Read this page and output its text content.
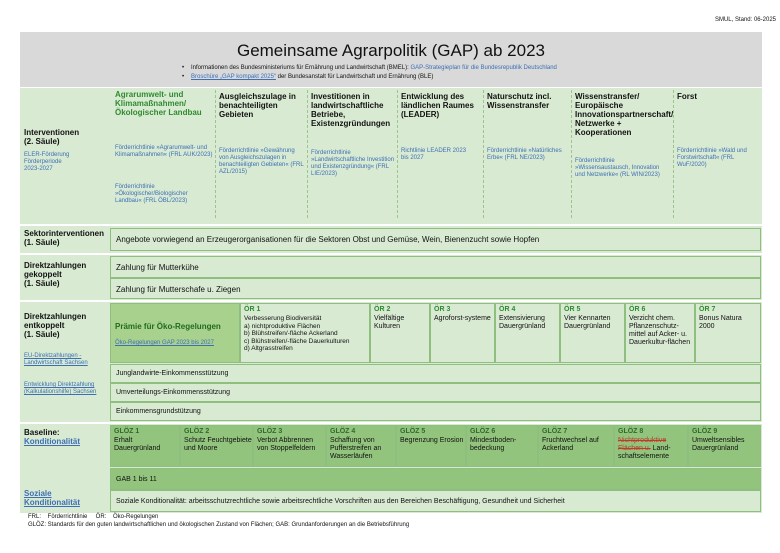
SMUL, Stand: 06-2025
Gemeinsame Agrarpolitik (GAP) ab 2023
• Informationen des Bundesministeriums für Ernährung und Landwirtschaft (BMEL): GAP-Strategieplan für die Bundesrepublik Deutschland
• Broschüre „GAP kompakt 2025“ der Bundesanstalt für Landwirtschaft und Ernährung (BLE)
Interventionen
(2. Säule)
ELER-Förderung
Förderperiode
2023-2027
Agrarumwelt- und Klimamaßnahmen/ Ökologischer Landbau
Förderrichtlinie »Agrarumwelt- und Klimamaßnahmen« (FRL AUK/2023)
Förderrichtlinie »Ökologischer/Biologischer Landbau« (FRL ÖBL/2023)
Ausgleichszulage in benachteiligten Gebieten
Förderrichtlinie »Gewährung von Ausgleichszulagen in benachteiligten Gebieten« (FRL AZL/2015)
Investitionen in landwirtschaftliche Betriebe, Existenzgründungen
Förderrichtlinie »Landwirtschaftliche Investition und Existenzgründung« (FRL LIE/2023)
Entwicklung des ländlichen Raumes (LEADER)
Richtlinie LEADER 2023 bis 2027
Naturschutz incl. Wissenstransfer
Förderrichtlinie »Natürliches Erbe« (FRL NE/2023)
Wissenstransfer/ Europäische Innovationspartnerschaft/ Netzwerke + Kooperationen
Förderrichtlinie »Wissensaustausch, Innovation und Netzwerke« (RL WIN/2023)
Forst
Förderrichtlinie »Wald und Forstwirtschaft« (FRL WuF/2020)
Sektorinterventionen
(1. Säule)	Angebote vorwiegend an Erzeugerorganisationen für die Sektoren Obst und Gemüse, Wein, Bienenzucht sowie Hopfen
Direktzahlungen
gekoppelt
(1. Säule)
Zahlung für Mutterkühe
Zahlung für Mutterschafe u. Ziegen
Direktzahlungen
entkoppelt
(1. Säule)
EU-Direktzahlungen - Landwirtschaft Sachsen
Entwicklung Direktzahlung (Kalkulationshilfe) Sachsen
Prämie für Öko-Regelungen
Öko-Regelungen GAP 2023 bis 2027
ÖR 1
Verbesserung Biodiversität
a) nichtproduktive Flächen
b) Blühstreifen/-fläche Ackerland
c) Blühstreifen/-fläche Dauerkulturen
d) Altgrasstreifen
ÖR 2
Vielfältige Kulturen
ÖR 3
Agroforst-systeme
ÖR 4
Extensivierung Dauergrünland
ÖR 5
Vier Kennarten Dauergrünland
ÖR 6
Verzicht chem. Pflanzenschutz-mittel auf Acker- u. Dauerkultur-flächen
ÖR 7
Bonus Natura 2000
Junglandwirte-Einkommensstützung
Umverteilungs-Einkommensstützung
Einkommensgrundstützung
Baseline:
Konditionalität
Soziale Konditionalität
GLÖZ 1
Erhalt Dauergrünland
GLÖZ 2
Schutz Feuchtgebiete und Moore
GLÖZ 3
Verbot Abbrennen von Stoppelfeldern
GLÖZ 4
Schaffung von Pufferstreifen an Wasserläufen
GLÖZ 5
Begrenzung Erosion
GLÖZ 6
Mindestboden-bedeckung
GLÖZ 7
Fruchtwechsel auf Ackerland
GLÖZ 8
Nichtproduktive Flächen u. Land-schaftselemente
GLÖZ 9
Umweltsensibles Dauergrünland
GAB 1 bis 11
Soziale Konditionalität: arbeitsschutzrechtliche sowie arbeitsrechtliche Vorschriften aus den Bereichen Beschäftigung, Gesundheit und Sicherheit
FRL:    Förderrichtlinie     ÖR:    Öko-Regelungen
GLÖZ: Standards für den guten landwirtschaftlichen und ökologischen Zustand von Flächen; GAB: Grundanforderungen an die Betriebsführung
